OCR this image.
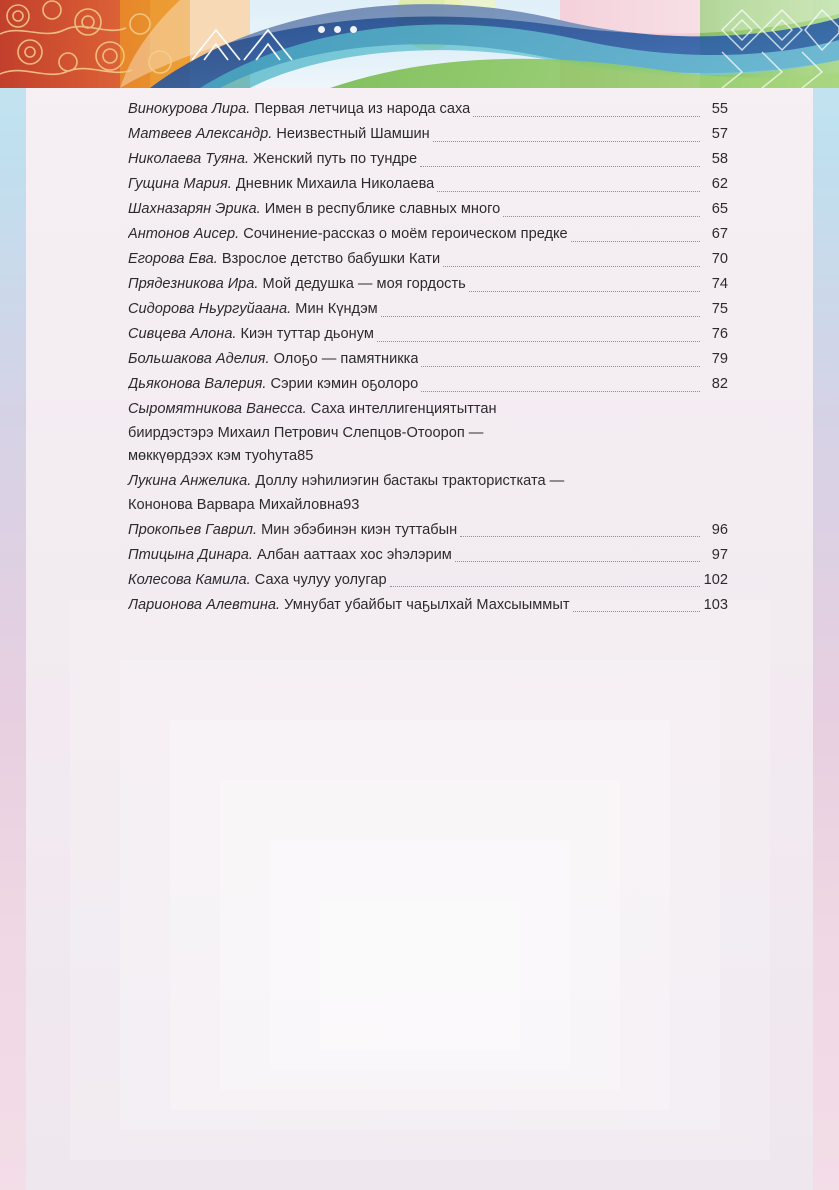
Винокурова Лира. Первая летчица из народа саха	55
Матвеев Александр. Неизвестный Шамшин	57
Николаева Туяна. Женский путь по тундре	58
Гущина Мария. Дневник Михаила Николаева	62
Шахназарян Эрика. Имен в республике славных много	65
Антонов Аисер. Сочинение-рассказ о моём героическом предке	67
Егорова Ева. Взрослое детство бабушки Кати	70
Прядезникова Ира. Мой дедушка — моя гордость	74
Сидорова Ньургуйаана. Мин Күндэм	75
Сивцева Алона. Киэн туттар дьонум	76
Большакова Аделия. Олоҕо — памятникка	79
Дьяконова Валерия. Сэрии кэмин оҕолоро	82
Сыромятникова Ванесса. Саха интеллигенциятыттан
биирдэстэрэ Михаил Петрович Слепцов-Отоороп —
мөккүөрдээх кэм туоһута 85
Лукина Анжелика. Доллу нэһилиэгин бастакы трактористката —
Кононова Варвара Михайловна 93
Прокопьев Гаврил. Мин эбэбинэн киэн туттабын	96
Птицына Динара. Албан ааттаах хос эһэлэрим	97
Колесова Камила. Саха чулуу уолугар	102
Ларионова Алевтина. Умнубат убайбыт чаҕылхай Махсыыммыт	103
